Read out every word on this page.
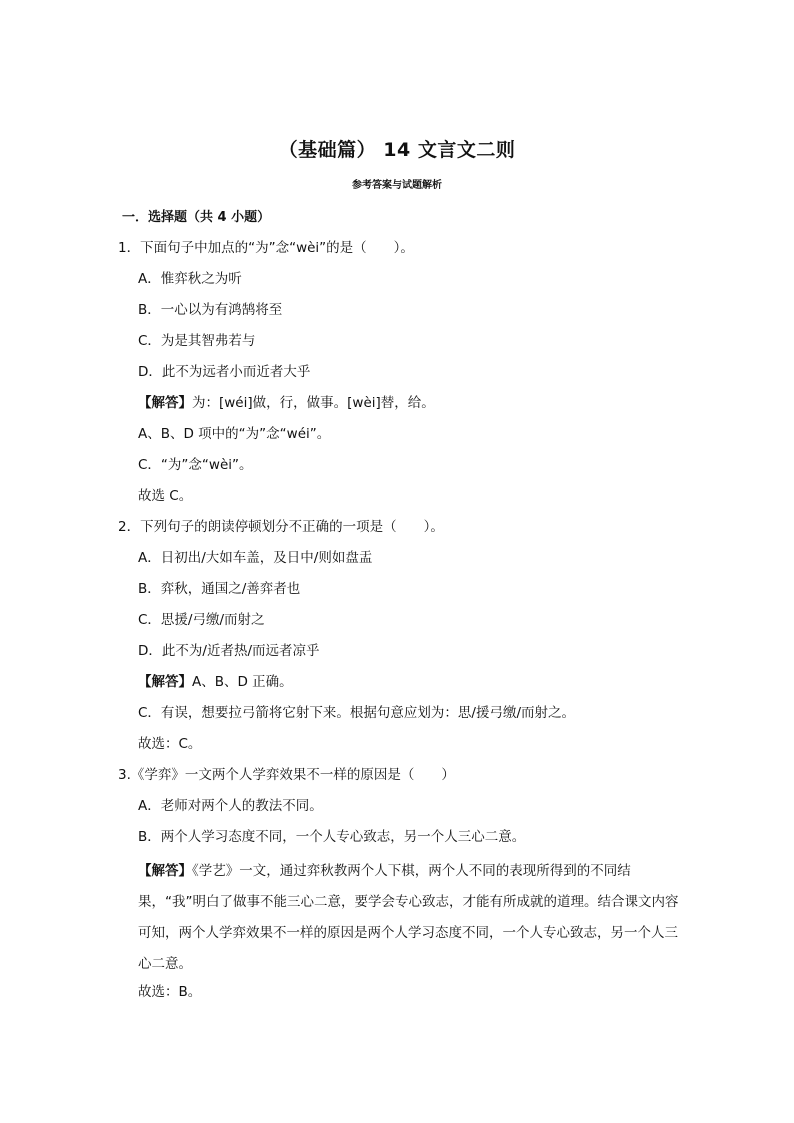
（基础篇） 14 文言文二则
参考答案与试题解析
一．选择题（共 4 小题）
1．下面句子中加点的“为”念“wèi”的是（　　）。
A．惟弈秋之为听
B．一心以为有鸿鹄将至
C．为是其智弗若与
D．此不为远者小而近者大乎
【解答】为：[wéi]做，行，做事。[wèi]替，给。
A、B、D 项中的“为”念“wéi”。
C．“为”念“wèi”。
故选 C。
2．下列句子的朗读停顿划分不正确的一项是（　　）。
A．日初出/大如车盖，及日中/则如盘盂
B．弈秋，通国之/善弈者也
C．思援/弓缴/而射之
D．此不为/近者热/而远者凉乎
【解答】A、B、D 正确。
C．有误，想要拉弓箭将它射下来。根据句意应划为：思/援弓缴/而射之。
故选：C。
3.《学弈》一文两个人学弈效果不一样的原因是（　　）
A．老师对两个人的教法不同。
B．两个人学习态度不同，一个人专心致志，另一个人三心二意。
【解答】《学艺》一文，通过弈秋教两个人下棋，两个人不同的表现所得到的不同结果，“我”明白了做事不能三心二意，要学会专心致志，才能有所成就的道理。结合课文内容可知，两个人学弈效果不一样的原因是两个人学习态度不同，一个人专心致志，另一个人三心二意。
故选：B。
